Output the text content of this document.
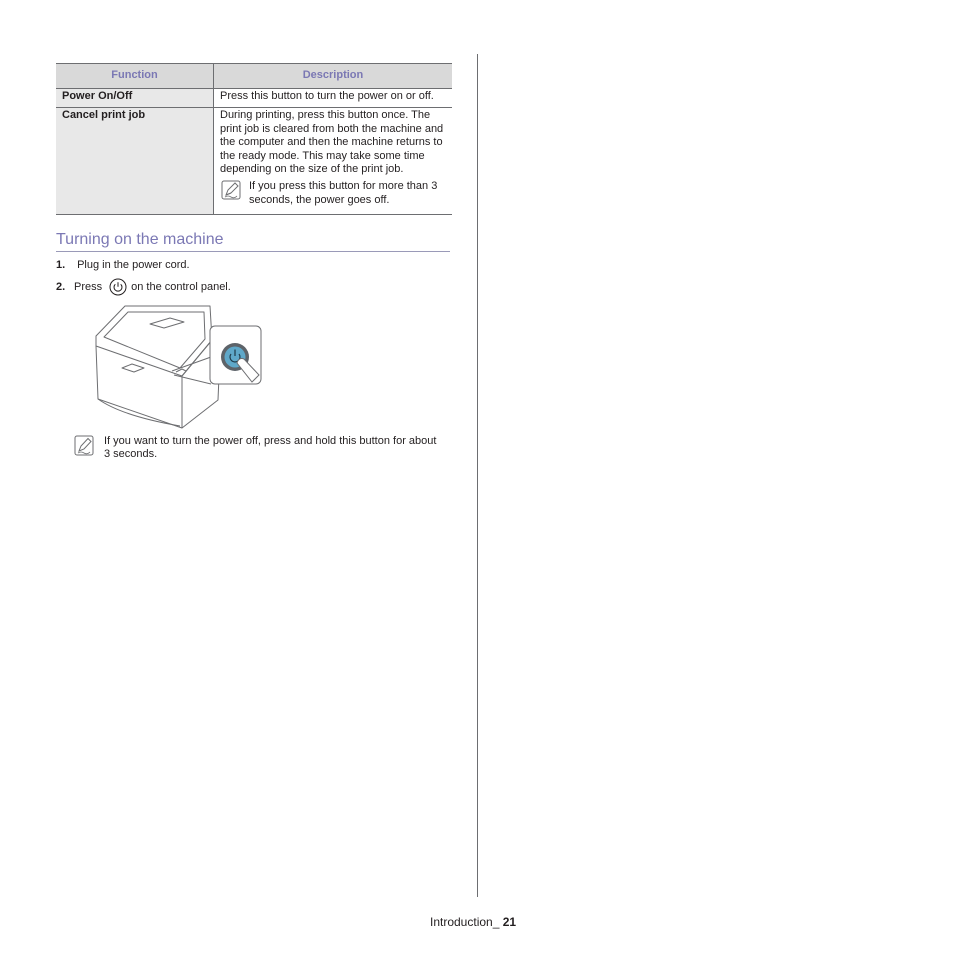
Function	Description
Power On/Off	Press this button to turn the power on or off.
Cancel print job	During printing, press this button once. The print job is cleared from both the machine and the computer and then the machine returns to the ready mode. This may take some time depending on the size of the print job.
If you press this button for more than 3 seconds, the power goes off.
Turning on the machine
1. Plug in the power cord.
2. Press	on the control panel.
If you want to turn the power off, press and hold this button for about 3 seconds.
Introduction_ 21
